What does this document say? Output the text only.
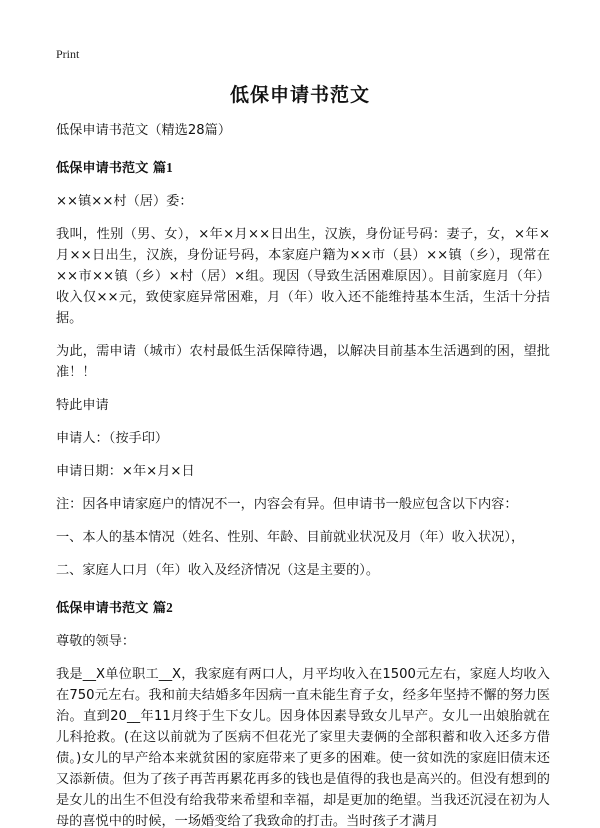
Print
低保申请书范文

低保申请书范文（精选28篇）

低保申请书范文 篇1

××镇××村（居）委：

我叫，性别（男、女），×年×月××日出生，汉族，身份证号码：妻子，女，×年×月××日出生，汉族，身份证号码，本家庭户籍为××市（县）××镇（乡），现常在××市××镇（乡）×村（居）×组。现因（导致生活困难原因）。目前家庭月（年）收入仅××元，致使家庭异常困难，月（年）收入还不能维持基本生活，生活十分拮据。

为此，需申请（城市）农村最低生活保障待遇，以解决目前基本生活遇到的困，望批准！！

特此申请

申请人：（按手印）

申请日期：×年×月×日

注：因各申请家庭户的情况不一，内容会有异。但申请书一般应包含以下内容：

一、本人的基本情况（姓名、性别、年龄、目前就业状况及月（年）收入状况），

二、家庭人口月（年）收入及经济情况（这是主要的）。

低保申请书范文 篇2

尊敬的领导：

我是__X单位职工__X，我家庭有两口人，月平均收入在1500元左右，家庭人均收入在750元左右。我和前夫结婚多年因病一直未能生育子女，经多年坚持不懈的努力医治。直到20__年11月终于生下女儿。因身体因素导致女儿早产。女儿一出娘胎就在儿科抢救。(在这以前就为了医病不但花光了家里夫妻俩的全部积蓄和收入还多方借债。)女儿的早产给本来就贫困的家庭带来了更多的困难。使一贫如洗的家庭旧债末还又添新债。但为了孩子再苦再累花再多的钱也是值得的我也是高兴的。但没有想到的是女儿的出生不但没有给我带来希望和幸福，却是更加的绝望。当我还沉浸在初为人母的喜悦中的时候，一场婚变给了我致命的打击。当时孩子才满月
